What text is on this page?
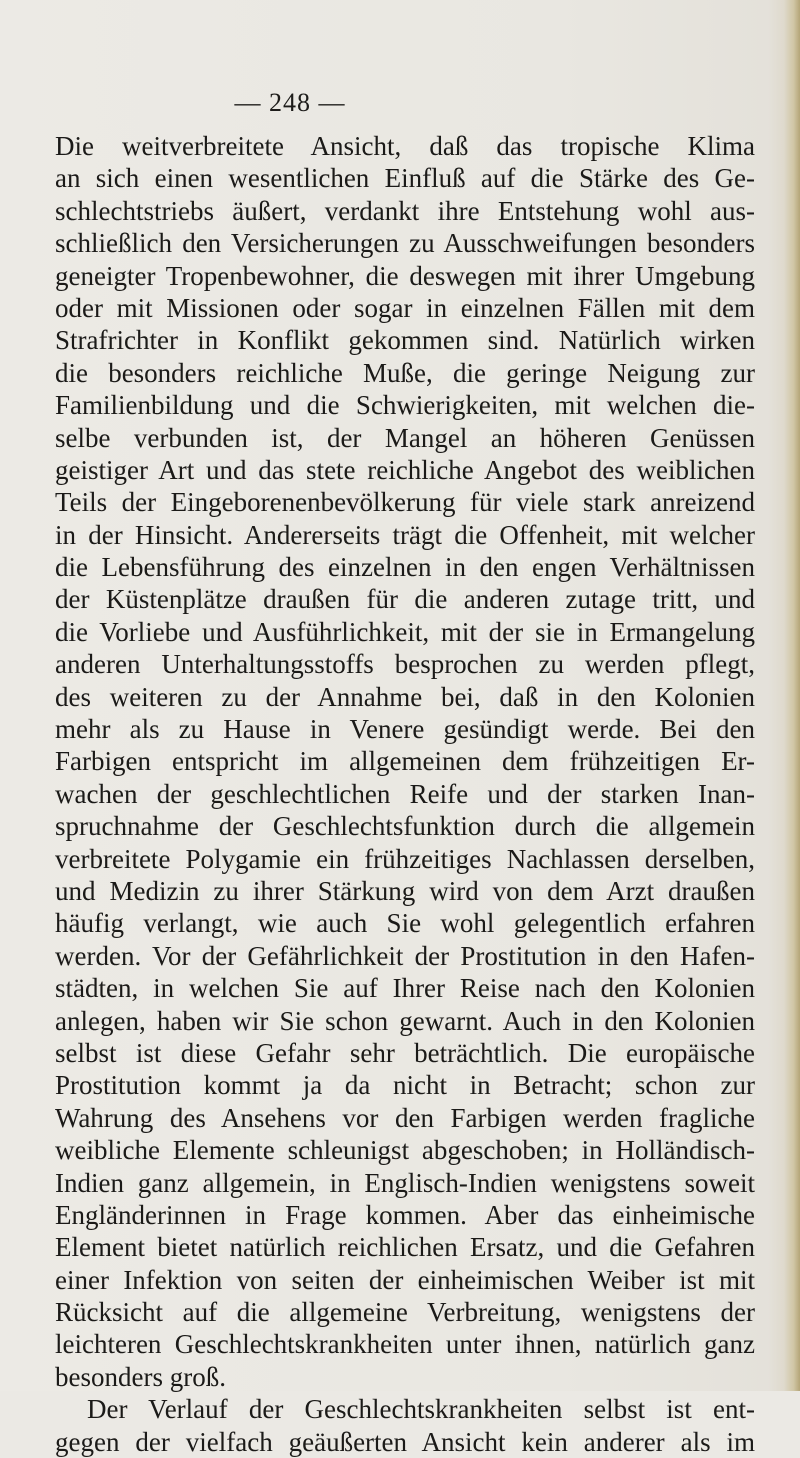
— 248 —
Die weitverbreitete Ansicht, daß das tropische Klima
an sich einen wesentlichen Einfluß auf die Stärke des Ge-
schlechtstriebs äußert, verdankt ihre Entstehung wohl aus-
schließlich den Versicherungen zu Ausschweifungen besonders
geneigter Tropenbewohner, die deswegen mit ihrer Umgebung
oder mit Missionen oder sogar in einzelnen Fällen mit dem
Strafrichter in Konflikt gekommen sind. Natürlich wirken
die besonders reichliche Muße, die geringe Neigung zur
Familienbildung und die Schwierigkeiten, mit welchen die-
selbe verbunden ist, der Mangel an höheren Genüssen
geistiger Art und das stete reichliche Angebot des weiblichen
Teils der Eingeborenenbevölkerung für viele stark anreizend
in der Hinsicht. Andererseits trägt die Offenheit, mit welcher
die Lebensführung des einzelnen in den engen Verhältnissen
der Küstenplätze draußen für die anderen zutage tritt, und
die Vorliebe und Ausführlichkeit, mit der sie in Ermangelung
anderen Unterhaltungsstoffs besprochen zu werden pflegt,
des weiteren zu der Annahme bei, daß in den Kolonien
mehr als zu Hause in Venere gesündigt werde. Bei den
Farbigen entspricht im allgemeinen dem frühzeitigen Er-
wachen der geschlechtlichen Reife und der starken Inan-
spruchnahme der Geschlechtsfunktion durch die allgemein
verbreitete Polygamie ein frühzeitiges Nachlassen derselben,
und Medizin zu ihrer Stärkung wird von dem Arzt draußen
häufig verlangt, wie auch Sie wohl gelegentlich erfahren
werden. Vor der Gefährlichkeit der Prostitution in den Hafen-
städten, in welchen Sie auf Ihrer Reise nach den Kolonien
anlegen, haben wir Sie schon gewarnt. Auch in den Kolonien
selbst ist diese Gefahr sehr beträchtlich. Die europäische
Prostitution kommt ja da nicht in Betracht; schon zur
Wahrung des Ansehens vor den Farbigen werden fragliche
weibliche Elemente schleunigst abgeschoben; in Holländisch-
Indien ganz allgemein, in Englisch-Indien wenigstens soweit
Engländerinnen in Frage kommen. Aber das einheimische
Element bietet natürlich reichlichen Ersatz, und die Gefahren
einer Infektion von seiten der einheimischen Weiber ist mit
Rücksicht auf die allgemeine Verbreitung, wenigstens der
leichteren Geschlechtskrankheiten unter ihnen, natürlich ganz
besonders groß.
Der Verlauf der Geschlechtskrankheiten selbst ist ent-
gegen der vielfach geäußerten Ansicht kein anderer als im
